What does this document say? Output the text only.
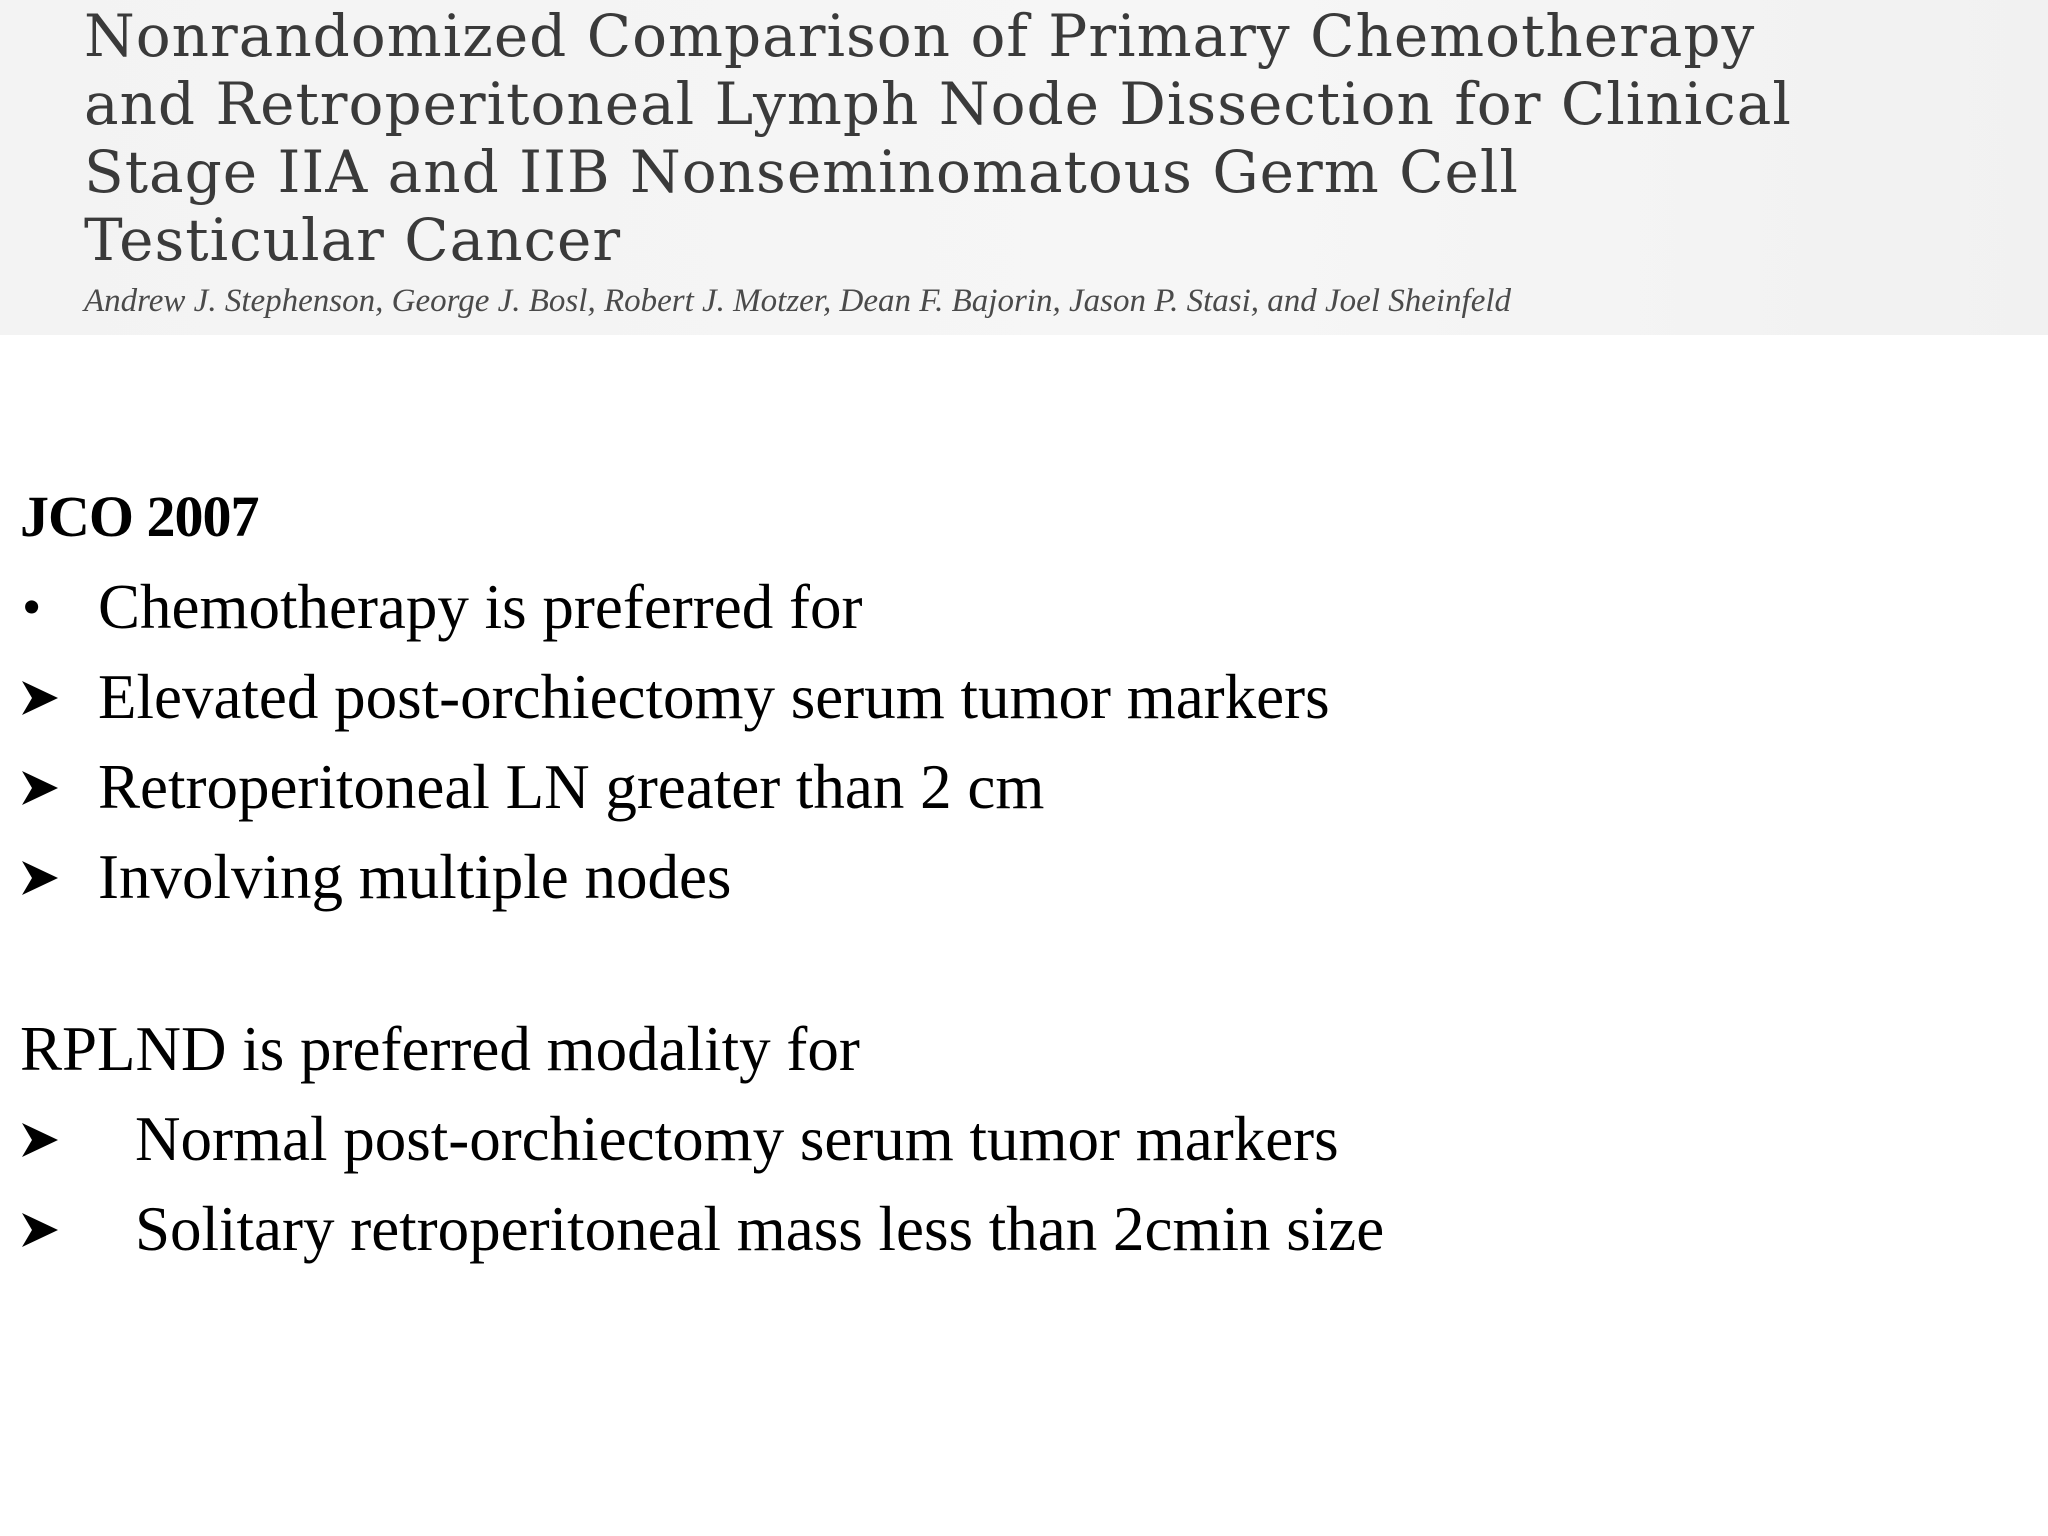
Nonrandomized Comparison of Primary Chemotherapy
and Retroperitoneal Lymph Node Dissection for Clinical
Stage IIA and IIB Nonseminomatous Germ Cell
Testicular Cancer

Andrew J. Stephenson, George J. Bosl, Robert J. Motzer, Dean F. Bajorin, Jason P. Stasi, and Joel Sheinfeld

JCO 2007

• Chemotherapy is preferred for

Elevated post-orchiectomy serum tumor markers

Retroperitoneal LN greater than 2 cm

Involving multiple nodes

RPLND is preferred modality for

Normal post-orchiectomy serum tumor markers

Solitary retroperitoneal mass less than 2cmin size
